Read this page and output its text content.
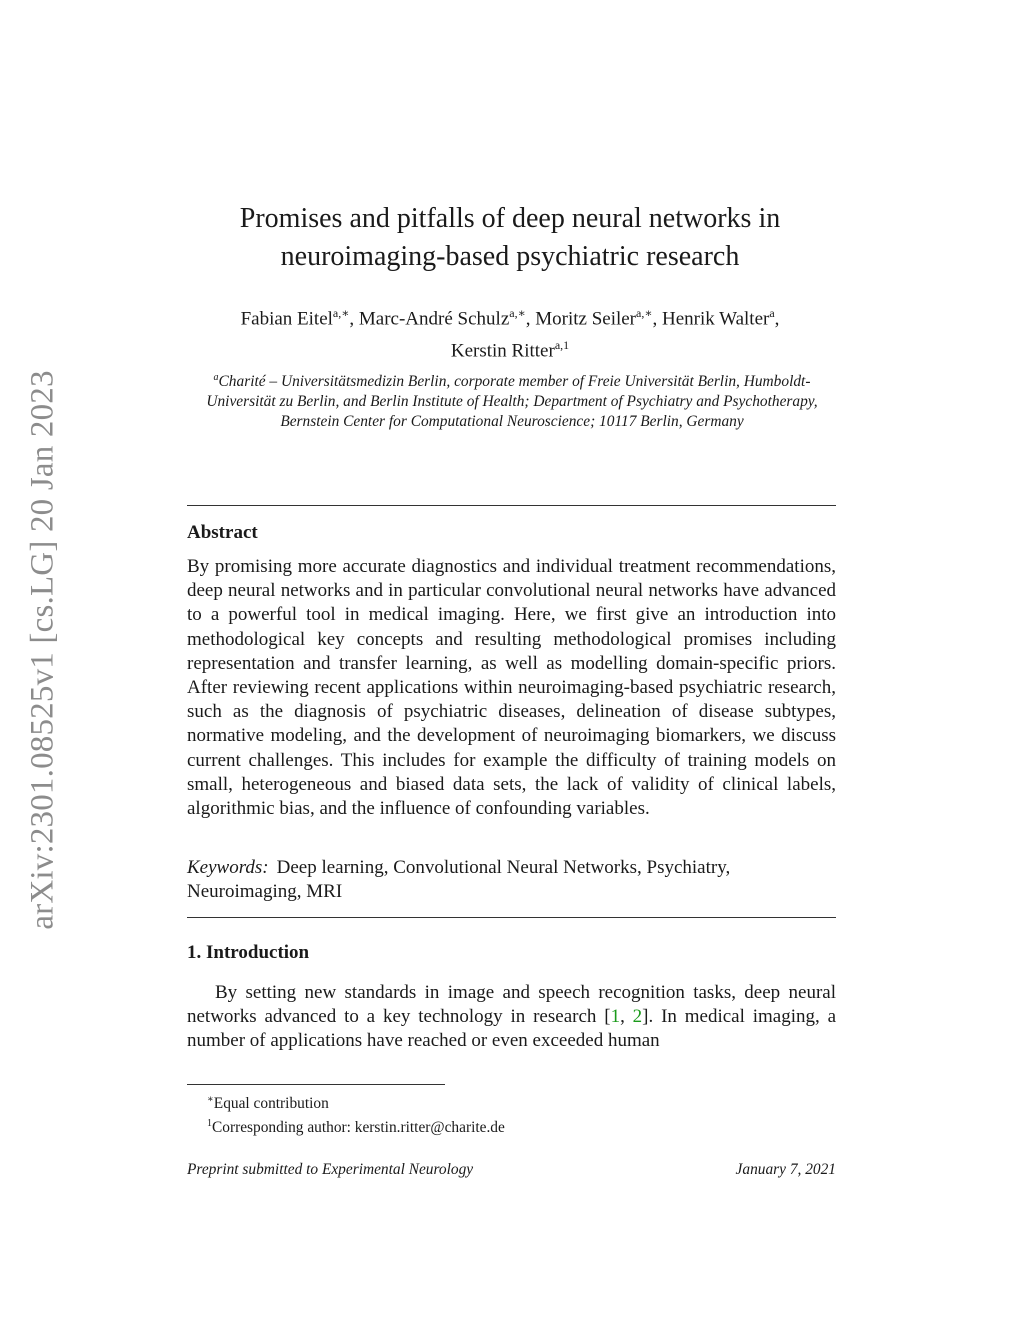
arXiv:2301.08525v1 [cs.LG] 20 Jan 2023
Promises and pitfalls of deep neural networks in
neuroimaging-based psychiatric research
Fabian Eitel$^{a,∗}$, Marc-André Schulz$^{a,∗}$, Moritz Seiler$^{a,∗}$, Henrik Walter$^a$,
Kerstin Ritter$^{a,1}$
$^a$Charité – Universitätsmedizin Berlin, corporate member of Freie Universität Berlin, Humboldt-Universität zu Berlin, and Berlin Institute of Health; Department of Psychiatry and Psychotherapy, Bernstein Center for Computational Neuroscience; 10117 Berlin, Germany
Abstract
By promising more accurate diagnostics and individual treatment recommendations, deep neural networks and in particular convolutional neural networks have advanced to a powerful tool in medical imaging. Here, we first give an introduction into methodological key concepts and resulting methodological promises including representation and transfer learning, as well as modelling domain-specific priors. After reviewing recent applications within neuroimaging-based psychiatric research, such as the diagnosis of psychiatric diseases, delineation of disease subtypes, normative modeling, and the development of neuroimaging biomarkers, we discuss current challenges. This includes for example the difficulty of training models on small, heterogeneous and biased data sets, the lack of validity of clinical labels, algorithmic bias, and the influence of confounding variables.
Keywords: Deep learning, Convolutional Neural Networks, Psychiatry, Neuroimaging, MRI
1. Introduction
By setting new standards in image and speech recognition tasks, deep neural networks advanced to a key technology in research [1, 2]. In medical imaging, a number of applications have reached or even exceeded human
∗Equal contribution
$^1$Corresponding author: kerstin.ritter@charite.de
Preprint submitted to Experimental Neurology	January 7, 2021
